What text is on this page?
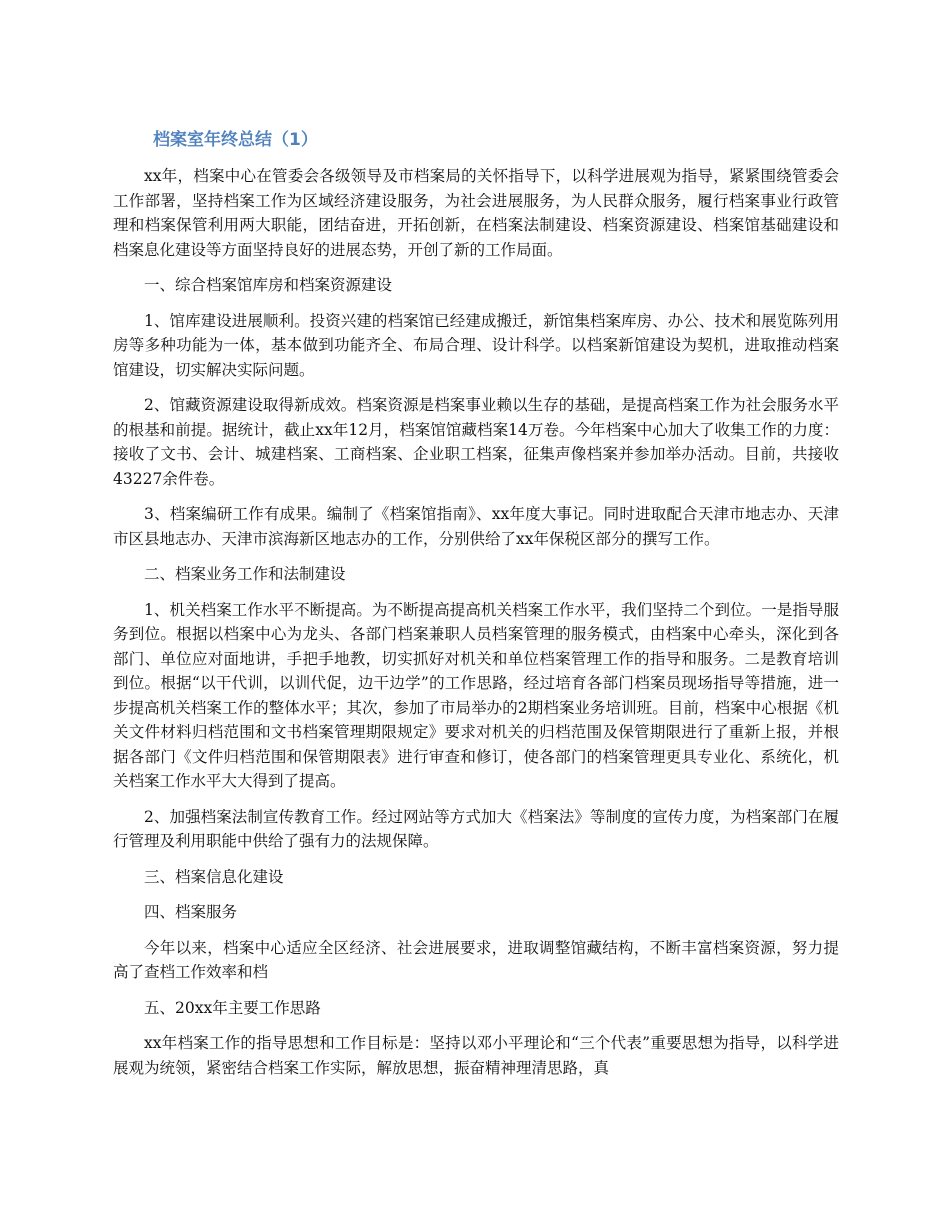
档案室年终总结（1）

xx年，档案中心在管委会各级领导及市档案局的关怀指导下，以科学进展观为指导，紧紧围绕管委会工作部署，坚持档案工作为区域经济建设服务，为社会进展服务，为人民群众服务，履行档案事业行政管理和档案保管利用两大职能，团结奋进，开拓创新，在档案法制建设、档案资源建设、档案馆基础建设和档案息化建设等方面坚持良好的进展态势，开创了新的工作局面。

一、综合档案馆库房和档案资源建设

1、馆库建设进展顺利。投资兴建的档案馆已经建成搬迁，新馆集档案库房、办公、技术和展览陈列用房等多种功能为一体，基本做到功能齐全、布局合理、设计科学。以档案新馆建设为契机，进取推动档案馆建设，切实解决实际问题。

2、馆藏资源建设取得新成效。档案资源是档案事业赖以生存的基础，是提高档案工作为社会服务水平的根基和前提。据统计，截止xx年12月，档案馆馆藏档案14万卷。今年档案中心加大了收集工作的力度：接收了文书、会计、城建档案、工商档案、企业职工档案，征集声像档案并参加举办活动。目前，共接收43227余件卷。

3、档案编研工作有成果。编制了《档案馆指南》、xx年度大事记。同时进取配合天津市地志办、天津市区县地志办、天津市滨海新区地志办的工作，分别供给了xx年保税区部分的撰写工作。

二、档案业务工作和法制建设

1、机关档案工作水平不断提高。为不断提高提高机关档案工作水平，我们坚持二个到位。一是指导服务到位。根据以档案中心为龙头、各部门档案兼职人员档案管理的服务模式，由档案中心牵头，深化到各部门、单位应对面地讲，手把手地教，切实抓好对机关和单位档案管理工作的指导和服务。二是教育培训到位。根据“以干代训，以训代促，边干边学”的工作思路，经过培育各部门档案员现场指导等措施，进一步提高机关档案工作的整体水平；其次，参加了市局举办的2期档案业务培训班。目前，档案中心根据《机关文件材料归档范围和文书档案管理期限规定》要求对机关的归档范围及保管期限进行了重新上报，并根据各部门《文件归档范围和保管期限表》进行审查和修订，使各部门的档案管理更具专业化、系统化，机关档案工作水平大大得到了提高。

2、加强档案法制宣传教育工作。经过网站等方式加大《档案法》等制度的宣传力度，为档案部门在履行管理及利用职能中供给了强有力的法规保障。

三、档案信息化建设

四、档案服务

今年以来，档案中心适应全区经济、社会进展要求，进取调整馆藏结构，不断丰富档案资源，努力提高了查档工作效率和档

五、20xx年主要工作思路

xx年档案工作的指导思想和工作目标是：坚持以邓小平理论和“三个代表”重要思想为指导，以科学进展观为统领，紧密结合档案工作实际，解放思想，振奋精神理清思路，真
